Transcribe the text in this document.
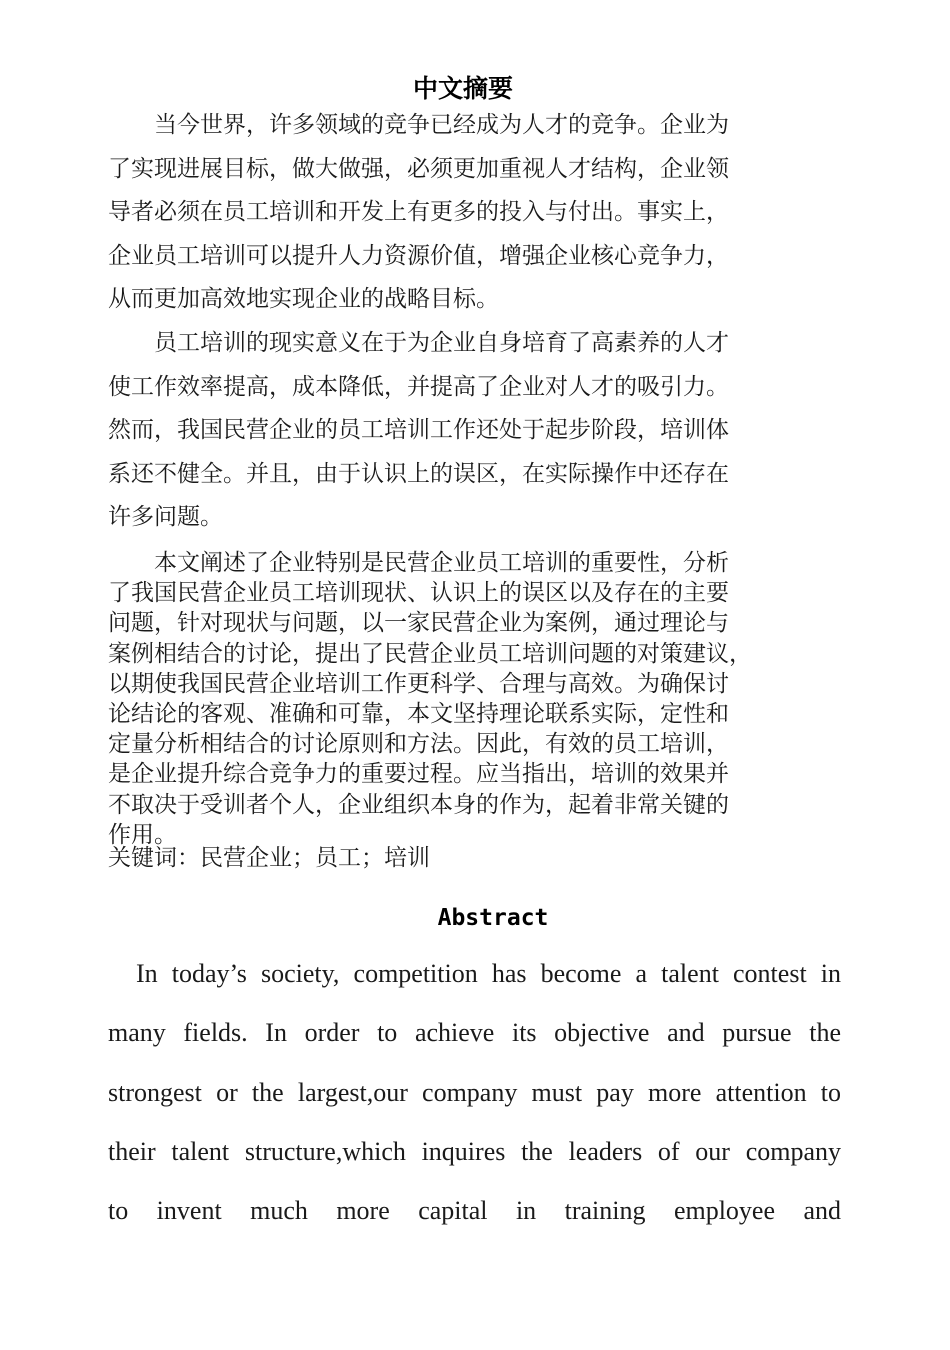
中文摘要

　　当今世界，许多领域的竞争已经成为人才的竞争。企业为
了实现进展目标，做大做强，必须更加重视人才结构，企业领
导者必须在员工培训和开发上有更多的投入与付出。事实上，
企业员工培训可以提升人力资源价值，增强企业核心竞争力，
从而更加高效地实现企业的战略目标。

　　员工培训的现实意义在于为企业自身培育了高素养的人才
使工作效率提高，成本降低，并提高了企业对人才的吸引力。
然而，我国民营企业的员工培训工作还处于起步阶段，培训体
系还不健全。并且，由于认识上的误区，在实际操作中还存在
许多问题。

　　本文阐述了企业特别是民营企业员工培训的重要性，分析
了我国民营企业员工培训现状、认识上的误区以及存在的主要
问题，针对现状与问题，以一家民营企业为案例，通过理论与
案例相结合的讨论，提出了民营企业员工培训问题的对策建议，
以期使我国民营企业培训工作更科学、合理与高效。为确保讨
论结论的客观、准确和可靠，本文坚持理论联系实际，定性和
定量分析相结合的讨论原则和方法。因此，有效的员工培训，
是企业提升综合竞争力的重要过程。应当指出，培训的效果并
不取决于受训者个人，企业组织本身的作为，起着非常关键的
作用。

关键词：民营企业；员工；培训
Abstract

In today’s society, competition has become a talent contest in
many fields. In order to achieve its objective and pursue the
strongest or the largest,our company must pay more attention to
their talent structure,which inquires the leaders of our company
to invent much more capital in training employee and
